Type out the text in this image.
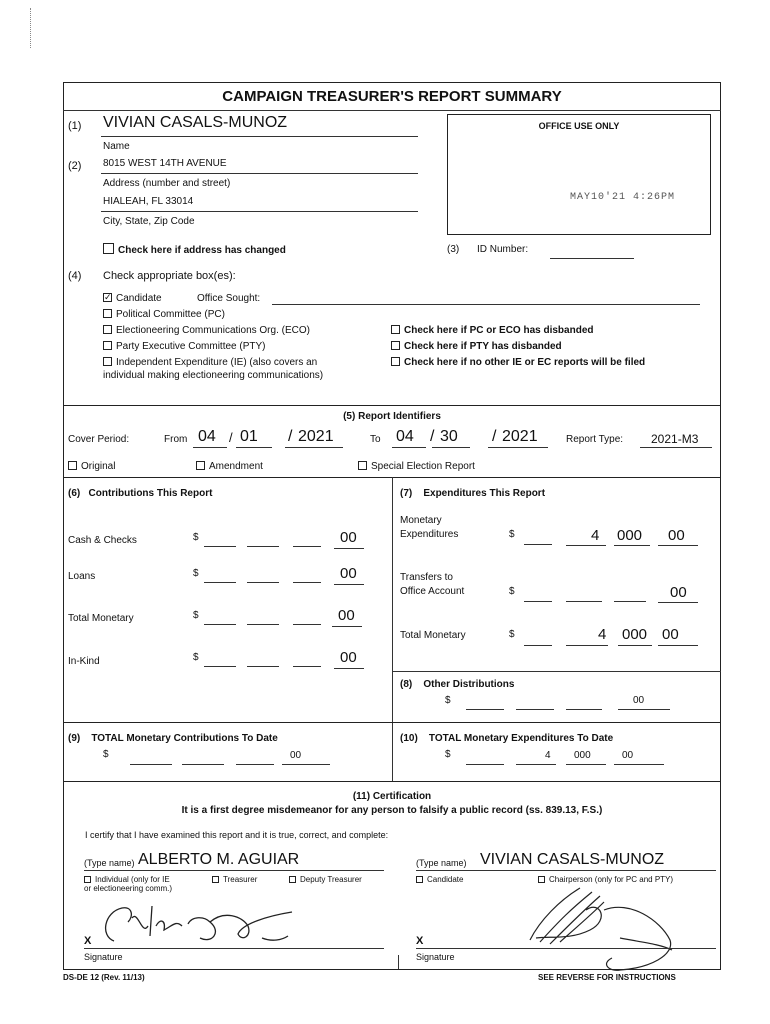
CAMPAIGN TREASURER'S REPORT SUMMARY
(1) VIVIAN CASALS-MUNOZ
Name
(2) 8015 WEST 14TH AVENUE
Address (number and street)
HIALEAH, FL 33014
City, State, Zip Code
Check here if address has changed
OFFICE USE ONLY
MAY10'21 4:26PM
(3) ID Number:
(4) Check appropriate box(es):
✓Candidate	Office Sought:
Political Committee (PC)
Electioneering Communications Org. (ECO)
Party Executive Committee (PTY)
Independent Expenditure (IE) (also covers an
individual making electioneering communications)
Check here if PC or ECO has disbanded
Check here if PTY has disbanded
Check here if no other IE or EC reports will be filed
(5) Report Identifiers
Cover Period:	From 04 / 01 / 2021	To 04 / 30 / 2021	Report Type: 2021-M3
Original	Amendment	Special Election Report
(6)   Contributions This Report
Cash & Checks	$	00
Loans	$	00
Total Monetary	$	00
In-Kind	$	00
(7)    Expenditures This Report
Monetary
Expenditures	$	4 000 00
Transfers to
Office Account	$	00
Total Monetary	$	4 000 00
(8)    Other Distributions
$	00
(9)    TOTAL Monetary Contributions To Date
$	00
(10)    TOTAL Monetary Expenditures To Date
$	4 000	00
(11) Certification
It is a first degree misdemeanor for any person to falsify a public record (ss. 839.13, F.S.)
I certify that I have examined this report and it is true, correct, and complete:
(Type name) ALBERTO M. AGUIAR
Individual (only for IE
or electioneering comm.)
Treasurer	Deputy Treasurer
X
Signature
(Type name) VIVIAN CASALS-MUNOZ
Candidate	Chairperson (only for PC and PTY)
X
Signature
DS-DE 12 (Rev. 11/13)	SEE REVERSE FOR INSTRUCTIONS
